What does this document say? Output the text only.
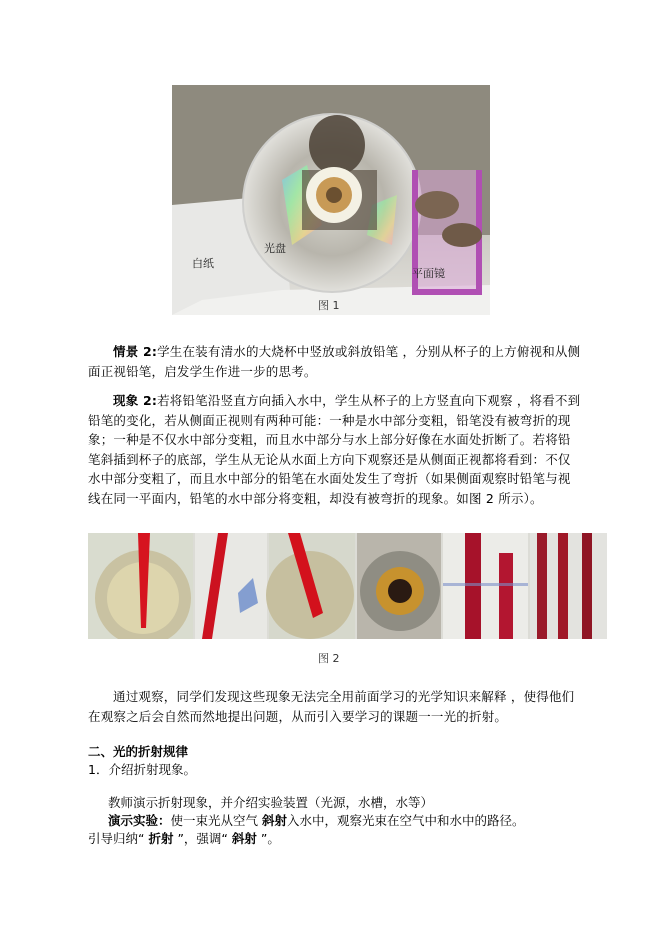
白纸
光盘
平面镜
图 1
情景 2:学生在装有清水的大烧杯中竖放或斜放铅笔 ，分别从杯子的上方俯视和从侧面正视铅笔，启发学生作进一步的思考。
现象 2:若将铅笔沿竖直方向插入水中，学生从杯子的上方竖直向下观察 ，将看不到铅笔的变化，若从侧面正视则有两种可能：一种是水中部分变粗，铅笔没有被弯折的现象；一种是不仅水中部分变粗，而且水中部分与水上部分好像在水面处折断了。若将铅笔斜插到杯子的底部，学生从无论从水面上方向下观察还是从侧面正视都将看到：不仅水中部分变粗了，而且水中部分的铅笔在水面处发生了弯折（如果侧面观察时铅笔与视线在同一平面内，铅笔的水中部分将变粗，却没有被弯折的现象。如图 2 所示）。
图 2
通过观察，同学们发现这些现象无法完全用前面学习的光学知识来解释 ，使得他们在观察之后会自然而然地提出问题，从而引入要学习的课题一一光的折射。
二、光的折射规律
1．介绍折射现象。
教师演示折射现象，并介绍实验装置（光源，水槽，水等）
演示实验：使一束光从空气 斜射入水中，观察光束在空气中和水中的路径。
引导归纳“ 折射 ”，强调“ 斜射 ”。
